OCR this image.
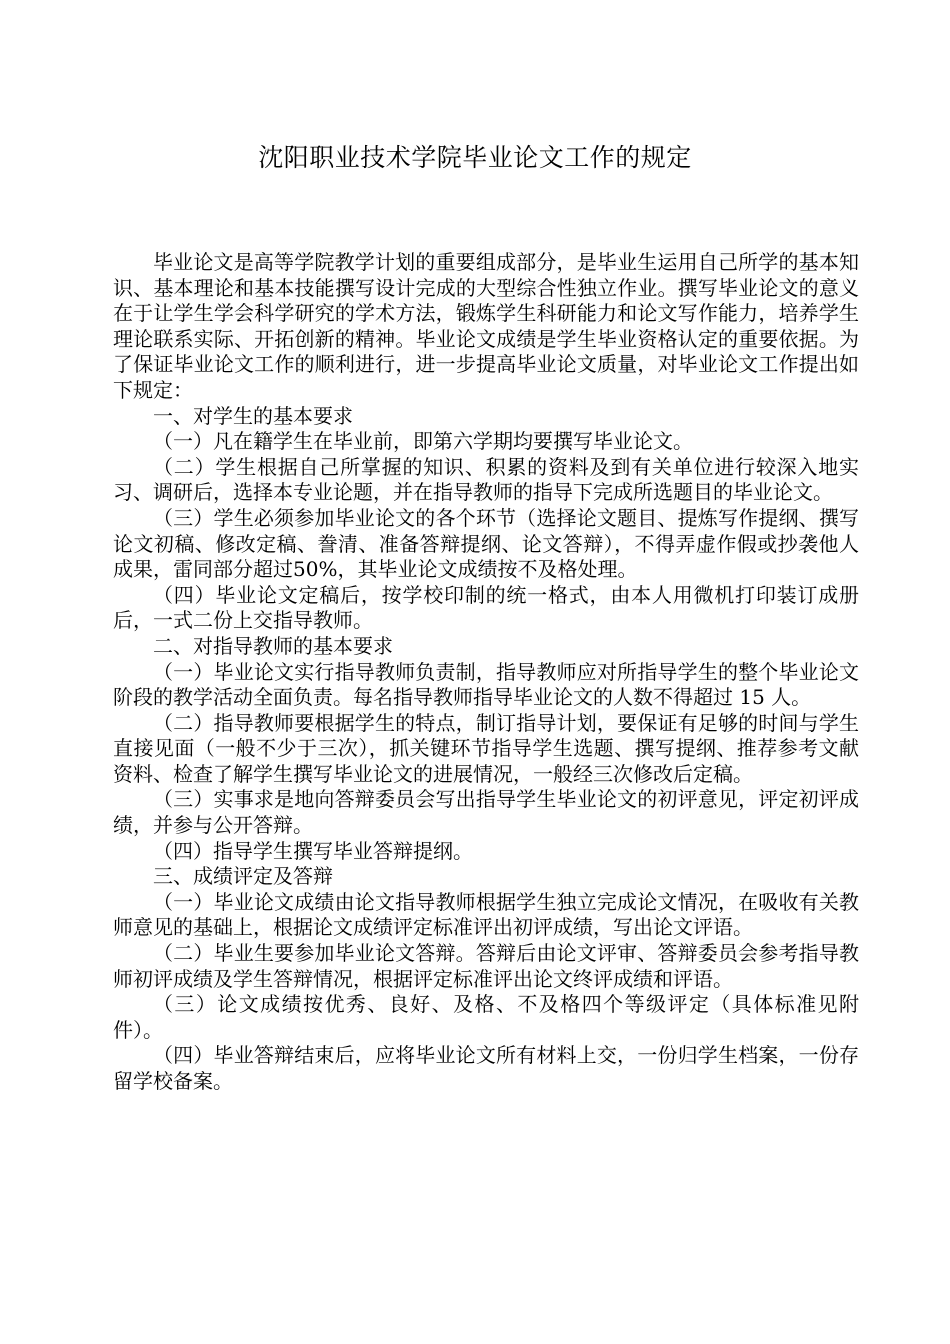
沈阳职业技术学院毕业论文工作的规定

毕业论文是高等学院教学计划的重要组成部分，是毕业生运用自己所学的基本知识、基本理论和基本技能撰写设计完成的大型综合性独立作业。撰写毕业论文的意义在于让学生学会科学研究的学术方法，锻炼学生科研能力和论文写作能力，培养学生理论联系实际、开拓创新的精神。毕业论文成绩是学生毕业资格认定的重要依据。为了保证毕业论文工作的顺利进行，进一步提高毕业论文质量，对毕业论文工作提出如下规定：

一、对学生的基本要求

（一）凡在籍学生在毕业前，即第六学期均要撰写毕业论文。

（二）学生根据自己所掌握的知识、积累的资料及到有关单位进行较深入地实习、调研后，选择本专业论题，并在指导教师的指导下完成所选题目的毕业论文。

（三）学生必须参加毕业论文的各个环节（选择论文题目、提炼写作提纲、撰写论文初稿、修改定稿、誊清、准备答辩提纲、论文答辩），不得弄虚作假或抄袭他人成果，雷同部分超过50%，其毕业论文成绩按不及格处理。

（四）毕业论文定稿后，按学校印制的统一格式，由本人用微机打印装订成册后，一式二份上交指导教师。

二、对指导教师的基本要求

（一）毕业论文实行指导教师负责制，指导教师应对所指导学生的整个毕业论文阶段的教学活动全面负责。每名指导教师指导毕业论文的人数不得超过 15 人。

（二）指导教师要根据学生的特点，制订指导计划，要保证有足够的时间与学生直接见面（一般不少于三次），抓关键环节指导学生选题、撰写提纲、推荐参考文献资料、检查了解学生撰写毕业论文的进展情况，一般经三次修改后定稿。

（三）实事求是地向答辩委员会写出指导学生毕业论文的初评意见，评定初评成绩，并参与公开答辩。

（四）指导学生撰写毕业答辩提纲。

三、成绩评定及答辩

（一）毕业论文成绩由论文指导教师根据学生独立完成论文情况，在吸收有关教师意见的基础上，根据论文成绩评定标准评出初评成绩，写出论文评语。

（二）毕业生要参加毕业论文答辩。答辩后由论文评审、答辩委员会参考指导教师初评成绩及学生答辩情况，根据评定标准评出论文终评成绩和评语。

（三）论文成绩按优秀、良好、及格、不及格四个等级评定（具体标准见附件）。

（四）毕业答辩结束后，应将毕业论文所有材料上交，一份归学生档案，一份存留学校备案。
